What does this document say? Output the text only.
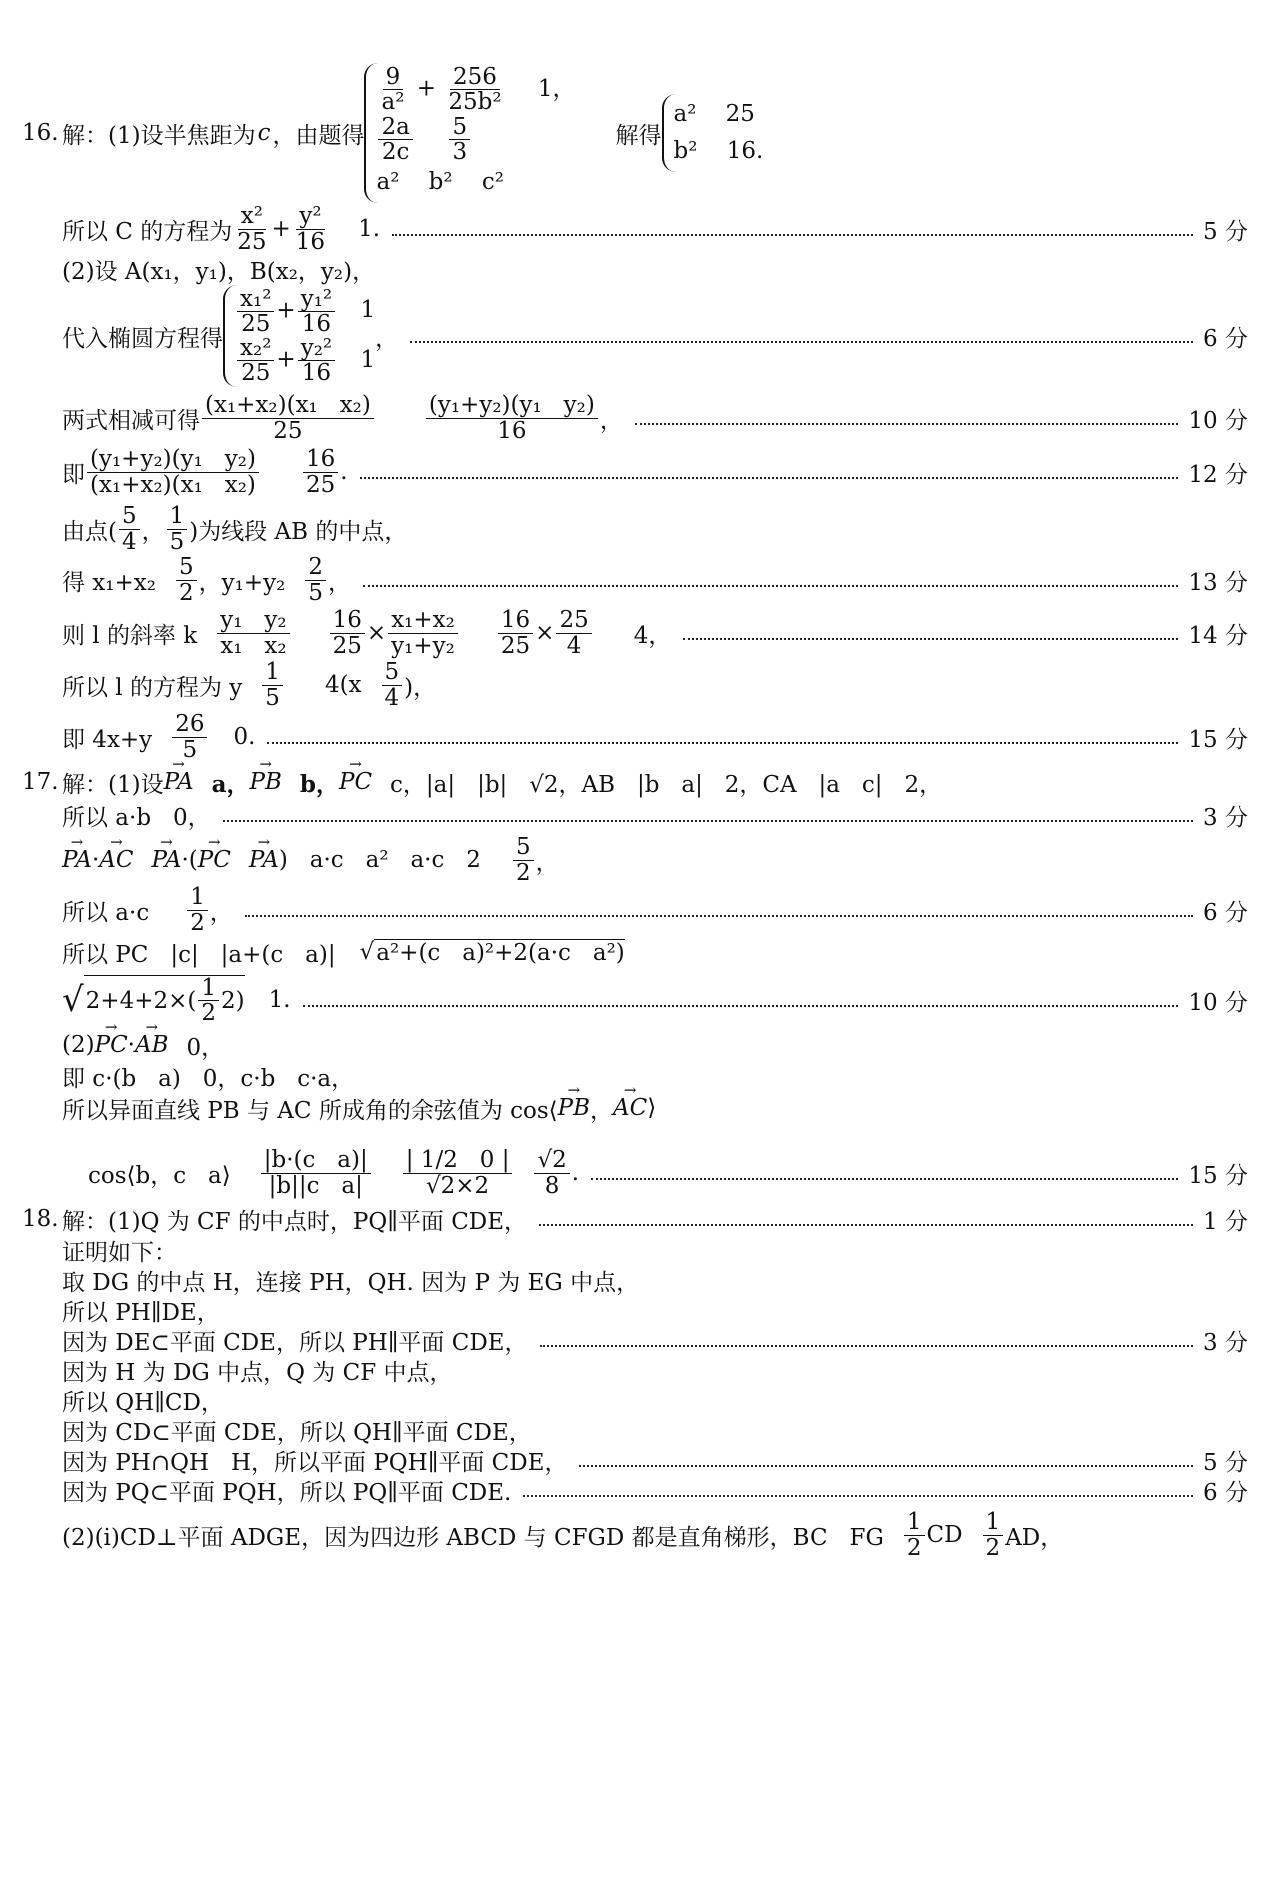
16. 解：(1)设半焦距为 c ，由题得
$\frac{9}{\text{a²}} + \frac{256}{\text{25b²}} 1$，
$\frac{2a}{2c}$
$\frac{5}{3}$
a²    b²    c²
解得
a²    25
b²    16.
所以 C 的方程为 $\frac{\text{x²}}{25} + \frac{\text{y²}}{16} 1$.	5 分
(2)设 A(x₁，y₁)，B(x₂，y₂)，
代入椭圆方程得
$\frac{\text{x₁²}}{25} + \frac{\text{y₁²}}{16} 1$
$\frac{\text{x₂²}}{25} + \frac{\text{y₂²}}{16} 1$
，	6 分
两式相减可得 $\frac{\text{(x₁+x₂)(x₁   x₂)}}{25} \frac{\text{(y₁+y₂)(y₁   y₂)}}{16}$ ，	10 分
即 $\frac{\text{(y₁+y₂)(y₁   y₂)}}{\text{(x₁+x₂)(x₁   x₂)}} \frac{16}{25}$ .	12 分
由点( $\frac{5}{4}$ ， $\frac{1}{5}$ )为线段 AB 的中点，
得 $x_1+x_2 \frac{5}{2}$ ，$y_1+y_2 \frac{2}{5}$ ，	13 分
则 l 的斜率 k $\frac{\text{y₁   y₂}}{\text{x₁   x₂}} \frac{16}{25} \times \frac{\text{x₁+x₂}}{\text{y₁+y₂}} \frac{16}{25} \times \frac{25}{4} 4$，	14 分
所以 l 的方程为 y $\frac{1}{5} 4(x \frac{5}{4}$ )，
即 $4x+y \frac{26}{5} 0$.	15 分
17. 解：(1)设 → PA a， → PB b， → PC c，|a|   |b|   √2，AB   |b   a|   2，CA   |a   c|   2，
所以 a·b   0，	3 分
→ PA · → AC → PA ·( → PC → PA )   a·c   a²   a·c   $2 \frac{5}{2}$ ，
所以 $a\cdot c \frac{1}{2}$ ，	6 分
所以 PC   |c|   |a+(c   a)| √ a²+(c   a)²+2(a·c   a²)
√ $2+4+2\times( \frac{1}{2} 2)$ 1.	10 分
(2) → PC · → AB 0，
即 c·(b   a)   0，c·b   c·a，
所以异面直线 PB 与 AC 所成角的余弦值为 cos⟨ → PB ， → AC ⟩
cos⟨b，c   a⟩ $\frac{\text{|b·(c   a)|}}{\text{|b||c   a|}} \frac{| 1/2 0 |}{√2\times 2} \frac{√2}{8}$ .	15 分
18. 解：(1)Q 为 CF 的中点时，PQ∥平面 CDE，	1 分
证明如下：
取 DG 的中点 H，连接 PH，QH. 因为 P 为 EG 中点，
所以 PH∥DE，
因为 DE⊂平面 CDE，所以 PH∥平面 CDE，	3 分
因为 H 为 DG 中点，Q 为 CF 中点，
所以 QH∥CD，
因为 CD⊂平面 CDE，所以 QH∥平面 CDE，
因为 PH∩QH   H，所以平面 PQH∥平面 CDE，	5 分
因为 PQ⊂平面 PQH，所以 PQ∥平面 CDE.	6 分
(2)(i)CD⊥平面 ADGE，因为四边形 ABCD 与 CFGD 都是直角梯形，BC   FG $\frac{1}{2}$ CD $\frac{1}{2}$ AD，
